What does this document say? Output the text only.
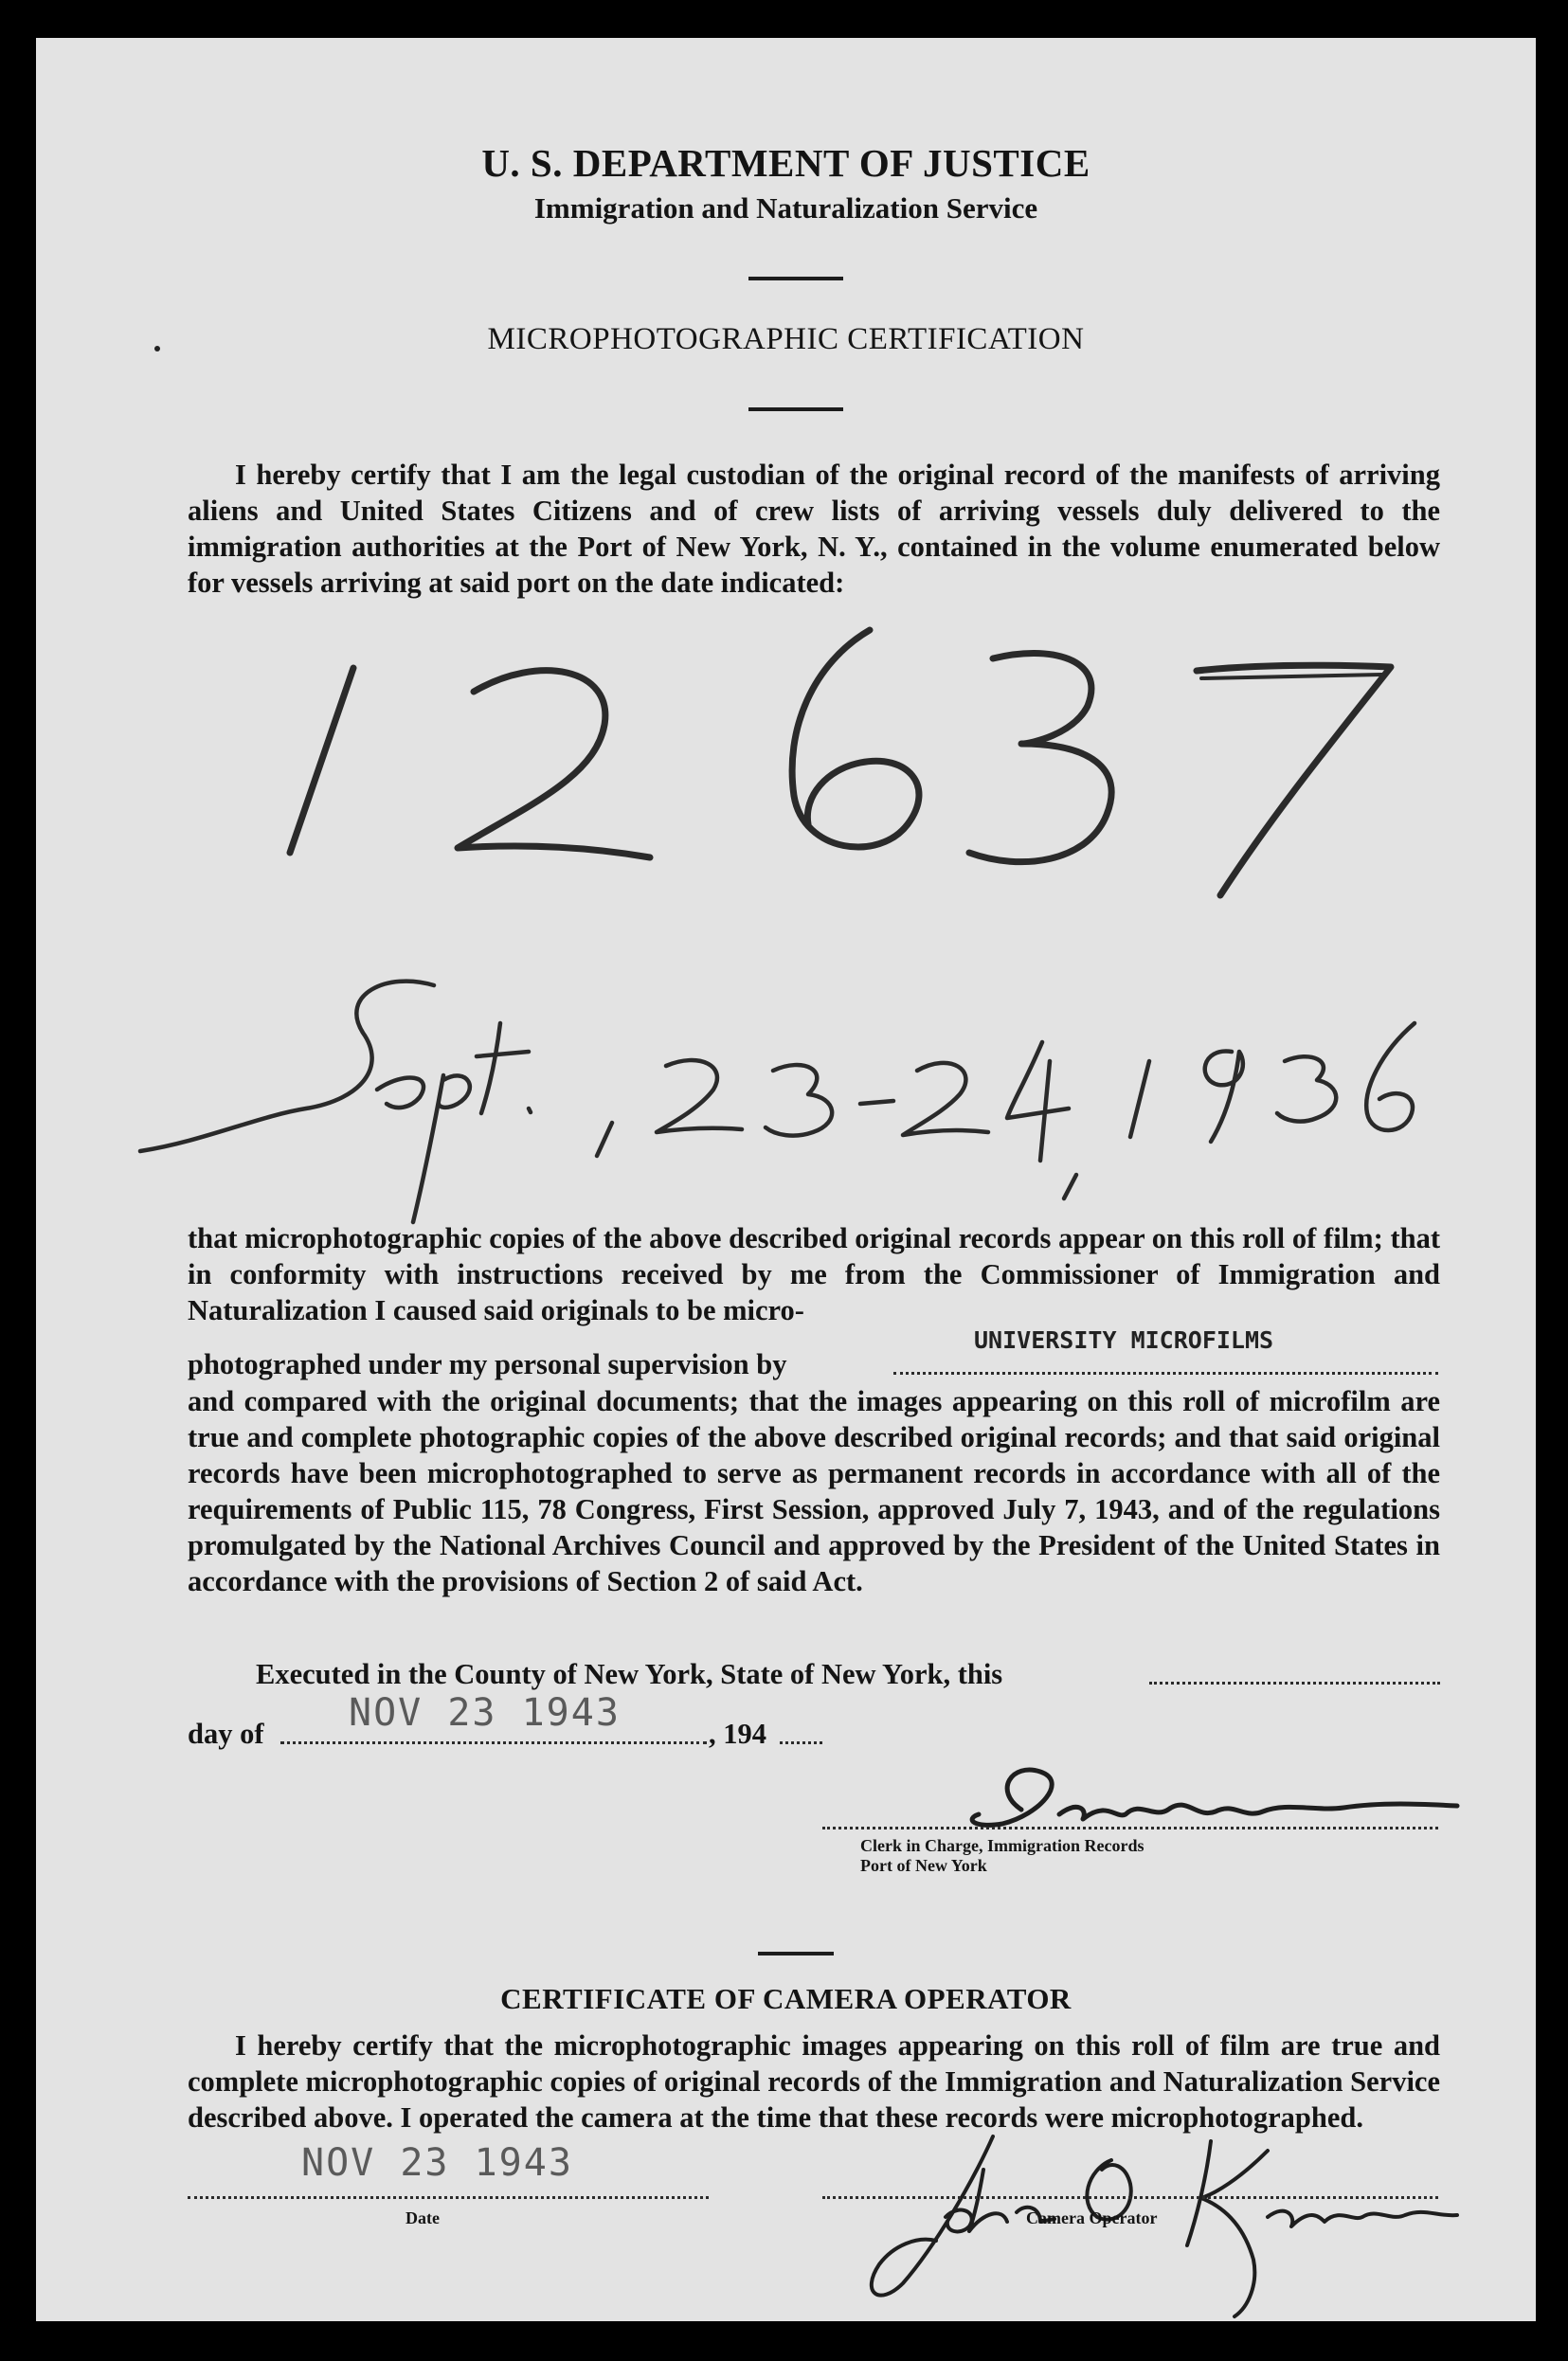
U. S. DEPARTMENT OF JUSTICE
Immigration and Naturalization Service
MICROPHOTOGRAPHIC CERTIFICATION
I hereby certify that I am the legal custodian of the original record of the manifests of arriving aliens and United States Citizens and of crew lists of arriving vessels duly delivered to the immigration authorities at the Port of New York, N. Y., contained in the volume enumerated below for vessels arriving at said port on the date indicated:
that microphotographic copies of the above described original records appear on this roll of film; that in conformity with instructions received by me from the Commissioner of Immigration and Naturalization I caused said originals to be micro-
photographed under my personal supervision by
UNIVERSITY MICROFILMS
and compared with the original documents; that the images appearing on this roll of microfilm are true and complete photographic copies of the above described original records; and that said original records have been microphotographed to serve as permanent records in accordance with all of the requirements of Public 115, 78 Congress, First Session, approved July 7, 1943, and of the regulations promulgated by the National Archives Council and approved by the President of the United States in accordance with the provisions of Section 2 of said Act.
Executed in the County of New York, State of New York, this
day of NOV 23 1943	, 194
Clerk in Charge, Immigration Records
Port of New York
CERTIFICATE OF CAMERA OPERATOR
I hereby certify that the microphotographic images appearing on this roll of film are true and complete microphotographic copies of original records of the Immigration and Naturalization Service described above. I operated the camera at the time that these records were microphotographed.
NOV 23 1943
Date	Camera Operator
